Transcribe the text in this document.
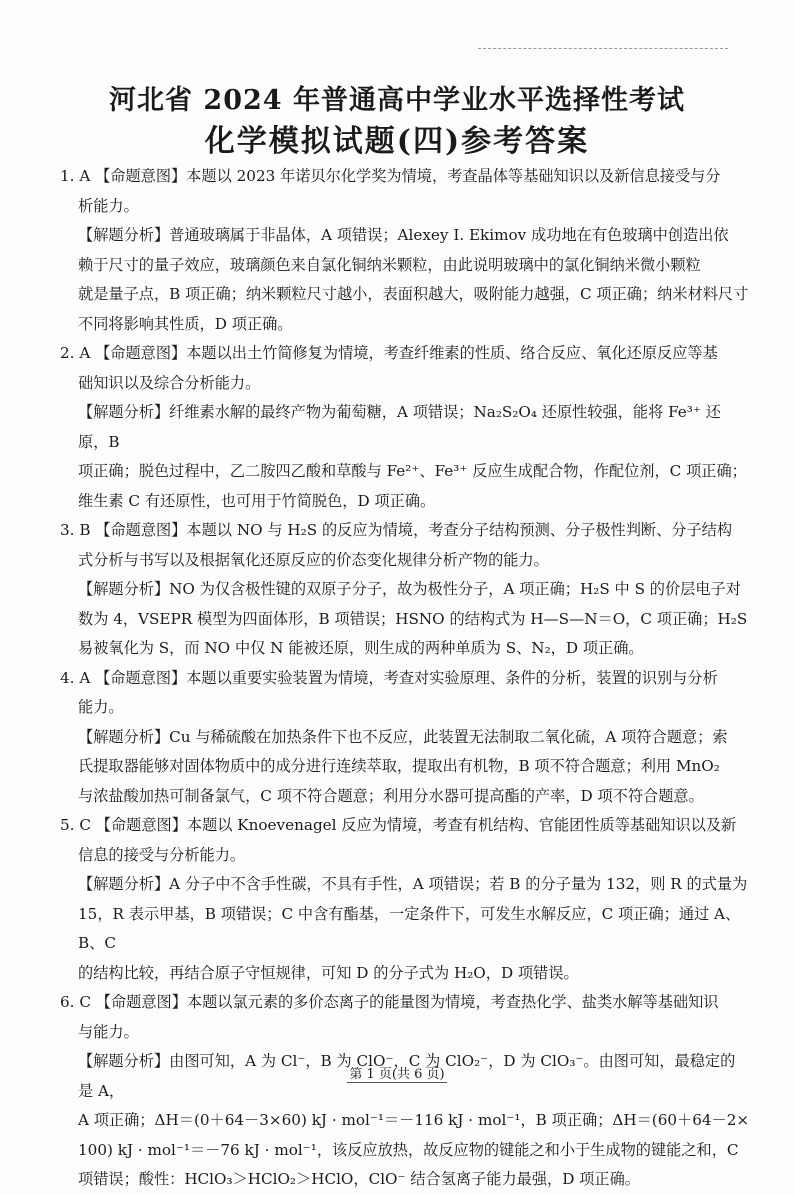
河北省 2024 年普通高中学业水平选择性考试
化学模拟试题(四)参考答案
1. A 【命题意图】本题以 2023 年诺贝尔化学奖为情境，考查晶体等基础知识以及新信息接受与分
析能力。
【解题分析】普通玻璃属于非晶体，A 项错误；Alexey I. Ekimov 成功地在有色玻璃中创造出依
赖于尺寸的量子效应，玻璃颜色来自氯化铜纳米颗粒，由此说明玻璃中的氯化铜纳米微小颗粒
就是量子点，B 项正确；纳米颗粒尺寸越小，表面积越大，吸附能力越强，C 项正确；纳米材料尺寸
不同将影响其性质，D 项正确。
2. A 【命题意图】本题以出土竹简修复为情境，考查纤维素的性质、络合反应、氧化还原反应等基
础知识以及综合分析能力。
【解题分析】纤维素水解的最终产物为葡萄糖，A 项错误；Na₂S₂O₄ 还原性较强，能将 Fe³⁺ 还原，B
项正确；脱色过程中，乙二胺四乙酸和草酸与 Fe²⁺、Fe³⁺ 反应生成配合物，作配位剂，C 项正确；
维生素 C 有还原性，也可用于竹简脱色，D 项正确。
3. B 【命题意图】本题以 NO 与 H₂S 的反应为情境，考查分子结构预测、分子极性判断、分子结构
式分析与书写以及根据氧化还原反应的价态变化规律分析产物的能力。
【解题分析】NO 为仅含极性键的双原子分子，故为极性分子，A 项正确；H₂S 中 S 的价层电子对
数为 4，VSEPR 模型为四面体形，B 项错误；HSNO 的结构式为 H—S—N＝O，C 项正确；H₂S
易被氧化为 S，而 NO 中仅 N 能被还原，则生成的两种单质为 S、N₂，D 项正确。
4. A 【命题意图】本题以重要实验装置为情境，考查对实验原理、条件的分析，装置的识别与分析
能力。
【解题分析】Cu 与稀硫酸在加热条件下也不反应，此装置无法制取二氧化硫，A 项符合题意；索
氏提取器能够对固体物质中的成分进行连续萃取，提取出有机物，B 项不符合题意；利用 MnO₂
与浓盐酸加热可制备氯气，C 项不符合题意；利用分水器可提高酯的产率，D 项不符合题意。
5. C 【命题意图】本题以 Knoevenagel 反应为情境，考查有机结构、官能团性质等基础知识以及新
信息的接受与分析能力。
【解题分析】A 分子中不含手性碳，不具有手性，A 项错误；若 B 的分子量为 132，则 R 的式量为
15，R 表示甲基，B 项错误；C 中含有酯基，一定条件下，可发生水解反应，C 项正确；通过 A、B、C
的结构比较，再结合原子守恒规律，可知 D 的分子式为 H₂O，D 项错误。
6. C 【命题意图】本题以氯元素的多价态离子的能量图为情境，考查热化学、盐类水解等基础知识
与能力。
【解题分析】由图可知，A 为 Cl⁻，B 为 ClO⁻，C 为 ClO₂⁻，D 为 ClO₃⁻。由图可知，最稳定的是 A，
A 项正确；ΔH＝(0＋64－3×60) kJ · mol⁻¹＝－116 kJ · mol⁻¹，B 项正确；ΔH＝(60＋64－2×
100) kJ · mol⁻¹＝－76 kJ · mol⁻¹，该反应放热，故反应物的键能之和小于生成物的键能之和，C
项错误；酸性：HClO₃＞HClO₂＞HClO，ClO⁻ 结合氢离子能力最强，D 项正确。
第 1 页(共 6 页)
